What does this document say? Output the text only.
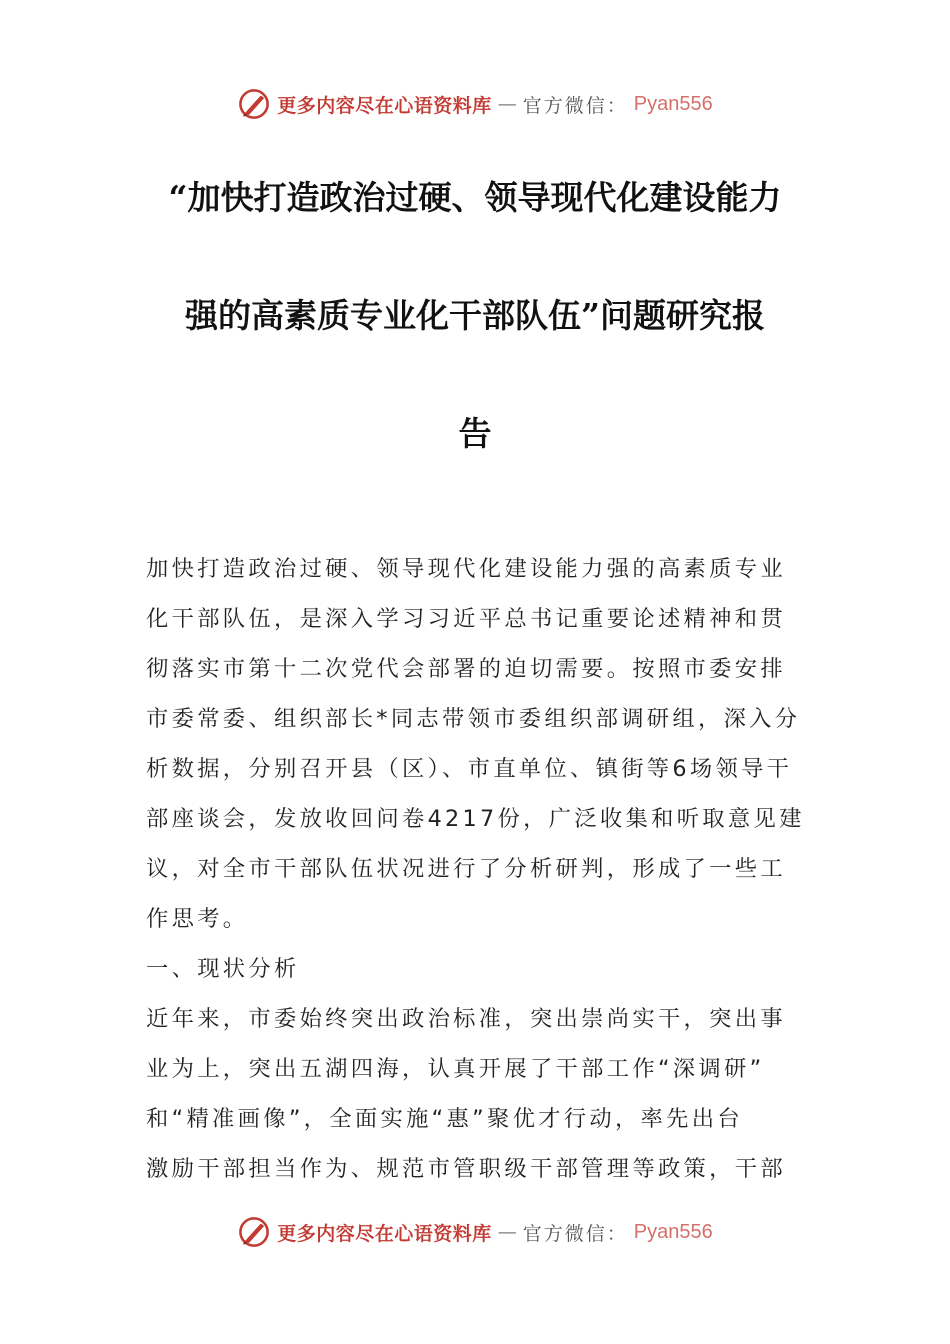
更多内容尽在心语资料库 — 官方微信： Pyan556
“加快打造政治过硬、领导现代化建设能力
强的高素质专业化干部队伍”问题研究报
告
加快打造政治过硬、领导现代化建设能力强的高素质专业
化干部队伍，是深入学习习近平总书记重要论述精神和贯
彻落实市第十二次党代会部署的迫切需要。按照市委安排
市委常委、组织部长*同志带领市委组织部调研组，深入分
析数据，分别召开县（区）、市直单位、镇街等6场领导干
部座谈会，发放收回问卷4217份，广泛收集和听取意见建
议，对全市干部队伍状况进行了分析研判，形成了一些工
作思考。
一、现状分析
近年来，市委始终突出政治标准，突出崇尚实干，突出事
业为上，突出五湖四海，认真开展了干部工作“深调研”
和“精准画像”，全面实施“惠”聚优才行动，率先出台
激励干部担当作为、规范市管职级干部管理等政策，干部
更多内容尽在心语资料库 — 官方微信： Pyan556
